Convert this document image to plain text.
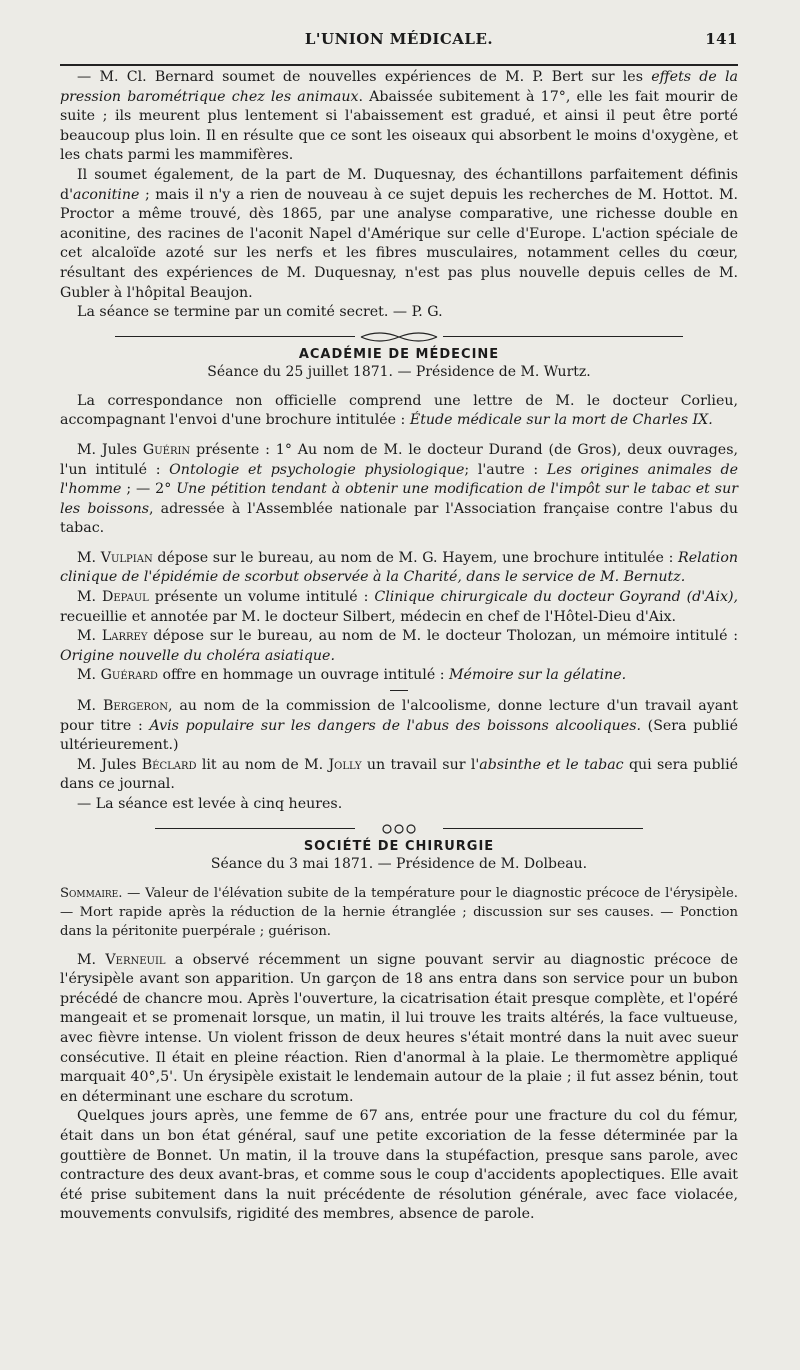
L'UNION MÉDICALE.	141

— M. Cl. Bernard soumet de nouvelles expériences de M. P. Bert sur les effets de la pression barométrique chez les animaux. Abaissée subitement à 17°, elle les fait mourir de suite ; ils meurent plus lentement si l'abaissement est gradué, et ainsi il peut être porté beaucoup plus loin. Il en résulte que ce sont les oiseaux qui absorbent le moins d'oxygène, et les chats parmi les mammifères.

Il soumet également, de la part de M. Duquesnay, des échantillons parfaitement définis d'aconitine ; mais il n'y a rien de nouveau à ce sujet depuis les recherches de M. Hottot. M. Proctor a même trouvé, dès 1865, par une analyse comparative, une richesse double en aconitine, des racines de l'aconit Napel d'Amérique sur celle d'Europe. L'action spéciale de cet alcaloïde azoté sur les nerfs et les fibres musculaires, notamment celles du cœur, résultant des expériences de M. Duquesnay, n'est pas plus nouvelle depuis celles de M. Gubler à l'hôpital Beaujon.

La séance se termine par un comité secret. — P. G.

ACADÉMIE DE MÉDECINE
Séance du 25 juillet 1871. — Présidence de M. Wurtz.

La correspondance non officielle comprend une lettre de M. le docteur Corlieu, accompagnant l'envoi d'une brochure intitulée : Étude médicale sur la mort de Charles IX.

M. Jules Guérin présente : 1° Au nom de M. le docteur Durand (de Gros), deux ouvrages, l'un intitulé : Ontologie et psychologie physiologique; l'autre : Les origines animales de l'homme ; — 2° Une pétition tendant à obtenir une modification de l'impôt sur le tabac et sur les boissons, adressée à l'Assemblée nationale par l'Association française contre l'abus du tabac.

M. Vulpian dépose sur le bureau, au nom de M. G. Hayem, une brochure intitulée : Relation clinique de l'épidémie de scorbut observée à la Charité, dans le service de M. Bernutz.

M. Depaul présente un volume intitulé : Clinique chirurgicale du docteur Goyrand (d'Aix), recueillie et annotée par M. le docteur Silbert, médecin en chef de l'Hôtel-Dieu d'Aix.

M. Larrey dépose sur le bureau, au nom de M. le docteur Tholozan, un mémoire intitulé : Origine nouvelle du choléra asiatique.

M. Guérard offre en hommage un ouvrage intitulé : Mémoire sur la gélatine.

M. Bergeron, au nom de la commission de l'alcoolisme, donne lecture d'un travail ayant pour titre : Avis populaire sur les dangers de l'abus des boissons alcooliques. (Sera publié ultérieurement.)

M. Jules Béclard lit au nom de M. Jolly un travail sur l'absinthe et le tabac qui sera publié dans ce journal.

— La séance est levée à cinq heures.

SOCIÉTÉ DE CHIRURGIE
Séance du 3 mai 1871. — Présidence de M. Dolbeau.

Sommaire. — Valeur de l'élévation subite de la température pour le diagnostic précoce de l'érysipèle. — Mort rapide après la réduction de la hernie étranglée ; discussion sur ses causes. — Ponction dans la péritonite puerpérale ; guérison.

M. Verneuil a observé récemment un signe pouvant servir au diagnostic précoce de l'érysipèle avant son apparition. Un garçon de 18 ans entra dans son service pour un bubon précédé de chancre mou. Après l'ouverture, la cicatrisation était presque complète, et l'opéré mangeait et se promenait lorsque, un matin, il lui trouve les traits altérés, la face vultueuse, avec fièvre intense. Un violent frisson de deux heures s'était montré dans la nuit avec sueur consécutive. Il était en pleine réaction. Rien d'anormal à la plaie. Le thermomètre appliqué marquait 40°,5'. Un érysipèle existait le lendemain autour de la plaie ; il fut assez bénin, tout en déterminant une eschare du scrotum.

Quelques jours après, une femme de 67 ans, entrée pour une fracture du col du fémur, était dans un bon état général, sauf une petite excoriation de la fesse déterminée par la gouttière de Bonnet. Un matin, il la trouve dans la stupéfaction, presque sans parole, avec contracture des deux avant-bras, et comme sous le coup d'accidents apoplectiques. Elle avait été prise subitement dans la nuit précédente de résolution générale, avec face violacée, mouvements convulsifs, rigidité des membres, absence de parole.
